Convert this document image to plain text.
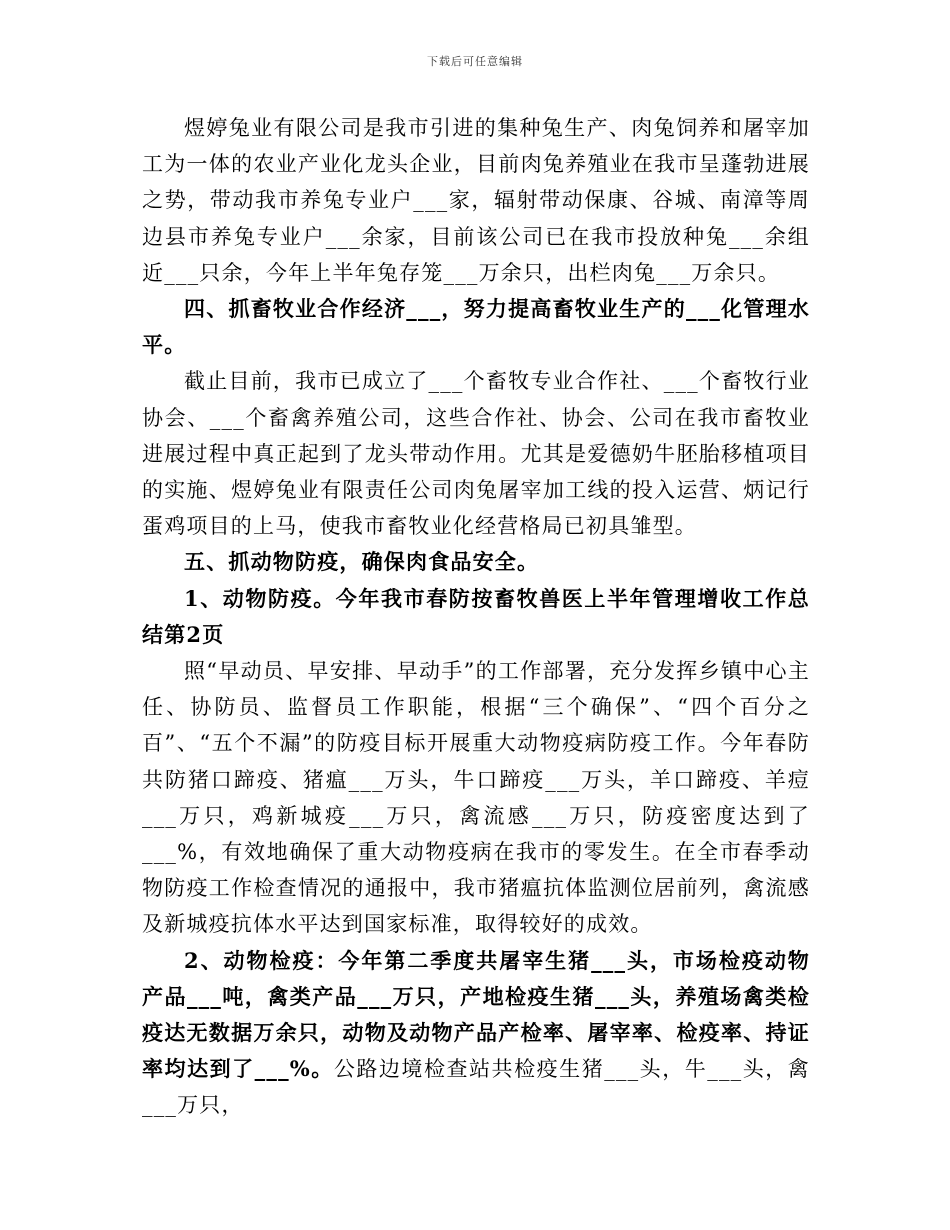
下载后可任意编辑

煜婷兔业有限公司是我市引进的集种兔生产、肉兔饲养和屠宰加工为一体的农业产业化龙头企业，目前肉兔养殖业在我市呈蓬勃进展之势，带动我市养兔专业户___家，辐射带动保康、谷城、南漳等周边县市养兔专业户___余家，目前该公司已在我市投放种兔___余组近___只余，今年上半年兔存笼___万余只，出栏肉兔___万余只。

四、抓畜牧业合作经济___，努力提高畜牧业生产的___化管理水平。

截止目前，我市已成立了___个畜牧专业合作社、___个畜牧行业协会、___个畜禽养殖公司，这些合作社、协会、公司在我市畜牧业进展过程中真正起到了龙头带动作用。尤其是爱德奶牛胚胎移植项目的实施、煜婷兔业有限责任公司肉兔屠宰加工线的投入运营、炳记行蛋鸡项目的上马，使我市畜牧业化经营格局已初具雏型。

五、抓动物防疫，确保肉食品安全。

1、动物防疫。今年我市春防按畜牧兽医上半年管理增收工作总结第2页

照“早动员、早安排、早动手”的工作部署，充分发挥乡镇中心主任、协防员、监督员工作职能，根据“三个确保”、“四个百分之百”、“五个不漏”的防疫目标开展重大动物疫病防疫工作。今年春防共防猪口蹄疫、猪瘟___万头，牛口蹄疫___万头，羊口蹄疫、羊痘___万只，鸡新城疫___万只，禽流感___万只，防疫密度达到了___%，有效地确保了重大动物疫病在我市的零发生。在全市春季动物防疫工作检查情况的通报中，我市猪瘟抗体监测位居前列，禽流感及新城疫抗体水平达到国家标准，取得较好的成效。

2、动物检疫：今年第二季度共屠宰生猪___头，市场检疫动物产品___吨，禽类产品___万只，产地检疫生猪___头，养殖场禽类检疫达无数据万余只，动物及动物产品产检率、屠宰率、检疫率、持证率均达到了___%。公路边境检查站共检疫生猪___头，牛___头，禽___万只，
